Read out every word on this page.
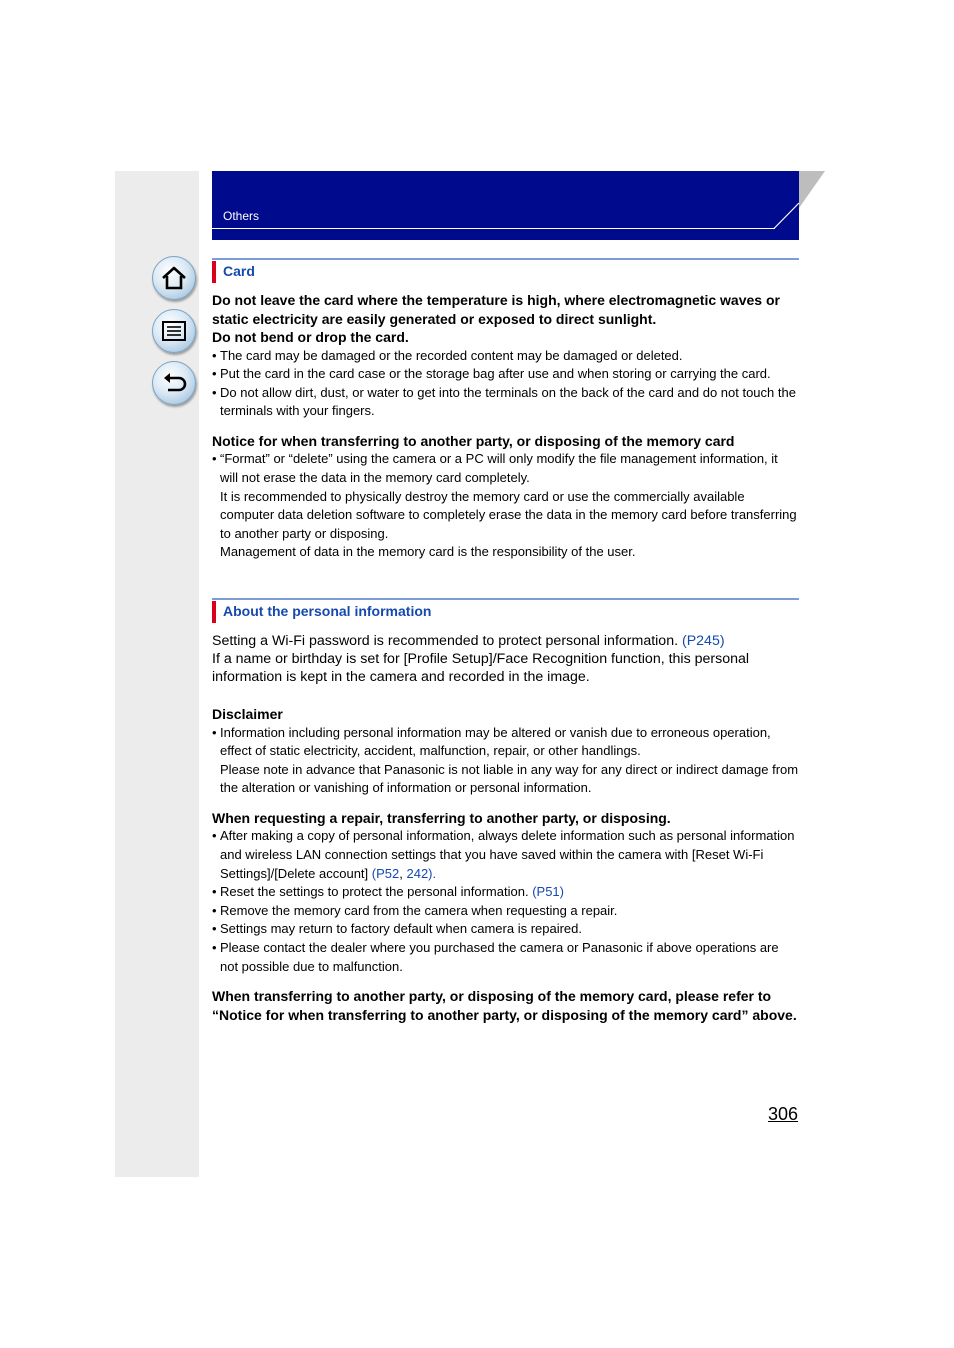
Others
Card

Do not leave the card where the temperature is high, where electromagnetic waves or static electricity are easily generated or exposed to direct sunlight.

Do not bend or drop the card.

• The card may be damaged or the recorded content may be damaged or deleted.
• Put the card in the card case or the storage bag after use and when storing or carrying the card.
• Do not allow dirt, dust, or water to get into the terminals on the back of the card and do not touch the terminals with your fingers.

Notice for when transferring to another party, or disposing of the memory card

• “Format” or “delete” using the camera or a PC will only modify the file management information, it will not erase the data in the memory card completely.
It is recommended to physically destroy the memory card or use the commercially available computer data deletion software to completely erase the data in the memory card before transferring to another party or disposing.
Management of data in the memory card is the responsibility of the user.
About the personal information

Setting a Wi-Fi password is recommended to protect personal information. (P245)

If a name or birthday is set for [Profile Setup]/Face Recognition function, this personal information is kept in the camera and recorded in the image.

Disclaimer

• Information including personal information may be altered or vanish due to erroneous operation, effect of static electricity, accident, malfunction, repair, or other handlings.
Please note in advance that Panasonic is not liable in any way for any direct or indirect damage from the alteration or vanishing of information or personal information.

When requesting a repair, transferring to another party, or disposing.

• After making a copy of personal information, always delete information such as personal information and wireless LAN connection settings that you have saved within the camera with [Reset Wi-Fi Settings]/[Delete account] (P52, 242).
• Reset the settings to protect the personal information. (P51)
• Remove the memory card from the camera when requesting a repair.
• Settings may return to factory default when camera is repaired.
• Please contact the dealer where you purchased the camera or Panasonic if above operations are not possible due to malfunction.

When transferring to another party, or disposing of the memory card, please refer to “Notice for when transferring to another party, or disposing of the memory card” above.

306
